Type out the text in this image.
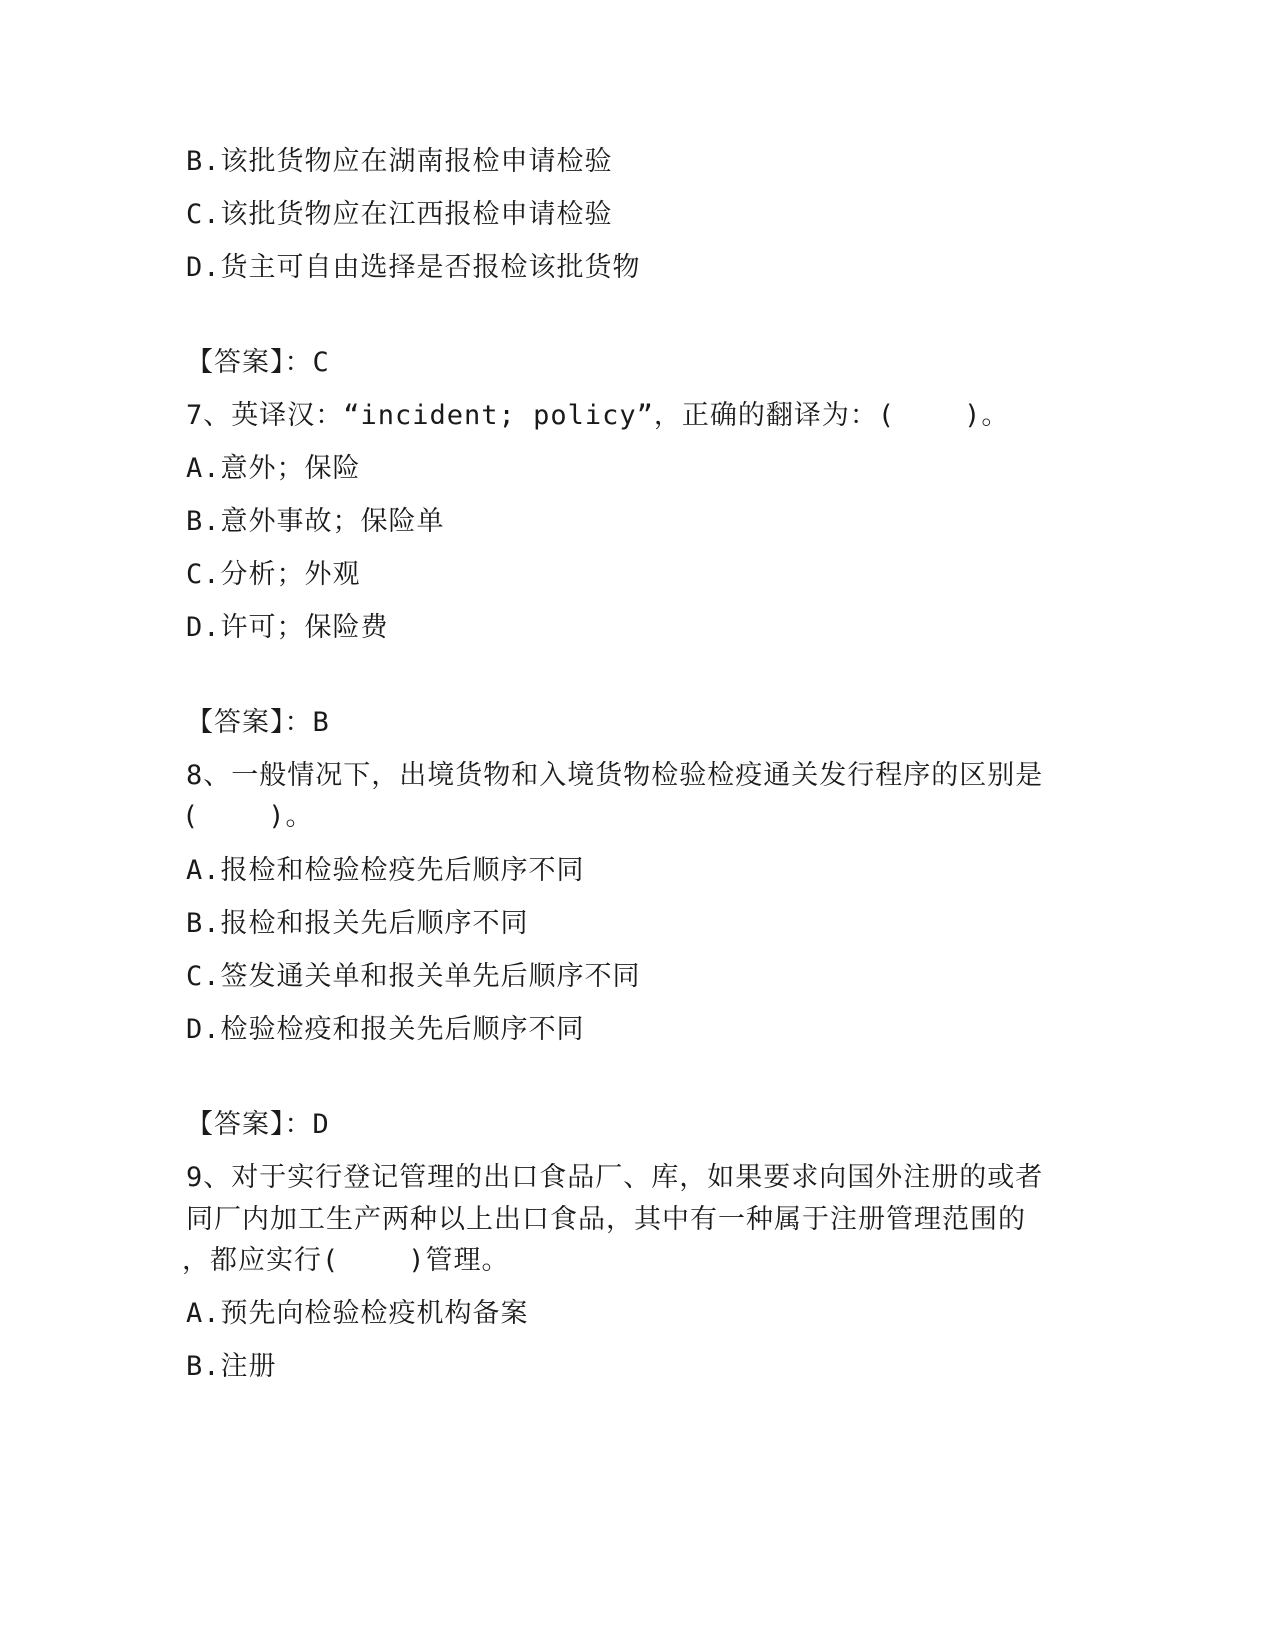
B.该批货物应在湖南报检申请检验
C.该批货物应在江西报检申请检验
D.货主可自由选择是否报检该批货物
【答案】：C
7、英译汉：“incident; policy”，正确的翻译为：(    )。
A.意外；保险
B.意外事故；保险单
C.分析；外观
D.许可；保险费
【答案】：B
8、一般情况下，出境货物和入境货物检验检疫通关发行程序的区别是
(    )。
A.报检和检验检疫先后顺序不同
B.报检和报关先后顺序不同
C.签发通关单和报关单先后顺序不同
D.检验检疫和报关先后顺序不同
【答案】：D
9、对于实行登记管理的出口食品厂、库，如果要求向国外注册的或者
同厂内加工生产两种以上出口食品，其中有一种属于注册管理范围的
，都应实行(    )管理。
A.预先向检验检疫机构备案
B.注册
